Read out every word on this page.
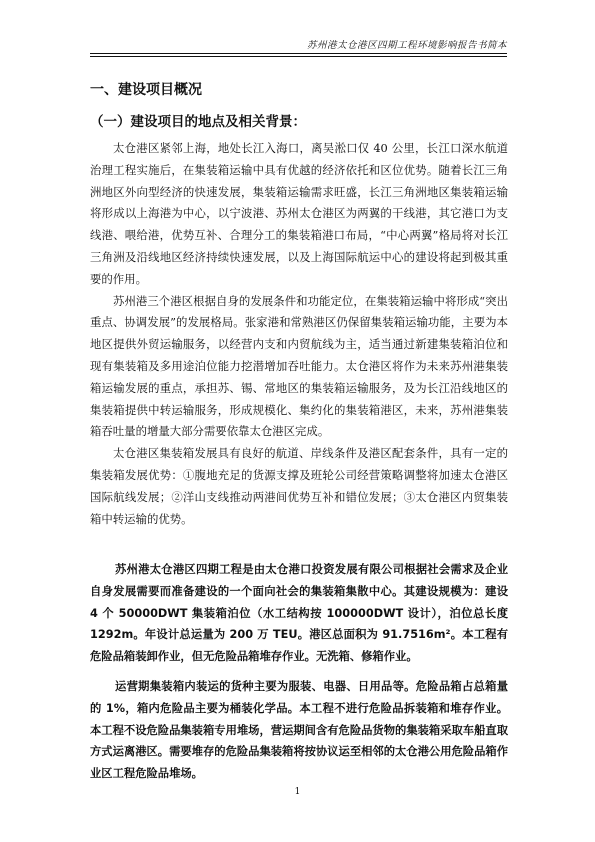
苏州港太仓港区四期工程环境影响报告书简本
一、建设项目概况
（一）建设项目的地点及相关背景：

太仓港区紧邻上海，地处长江入海口，离吴淞口仅 40 公里，长江口深水航道治理工程实施后，在集装箱运输中具有优越的经济依托和区位优势。随着长江三角洲地区外向型经济的快速发展，集装箱运输需求旺盛，长江三角洲地区集装箱运输将形成以上海港为中心，以宁波港、苏州太仓港区为两翼的干线港，其它港口为支线港、喂给港，优势互补、合理分工的集装箱港口布局，“中心两翼”格局将对长江三角洲及沿线地区经济持续快速发展，以及上海国际航运中心的建设将起到极其重要的作用。

苏州港三个港区根据自身的发展条件和功能定位，在集装箱运输中将形成“突出重点、协调发展”的发展格局。张家港和常熟港区仍保留集装箱运输功能，主要为本地区提供外贸运输服务，以经营内支和内贸航线为主，适当通过新建集装箱泊位和现有集装箱及多用途泊位能力挖潜增加吞吐能力。太仓港区将作为未来苏州港集装箱运输发展的重点，承担苏、锡、常地区的集装箱运输服务，及为长江沿线地区的集装箱提供中转运输服务，形成规模化、集约化的集装箱港区，未来，苏州港集装箱吞吐量的增量大部分需要依靠太仓港区完成。

太仓港区集装箱发展具有良好的航道、岸线条件及港区配套条件，具有一定的集装箱发展优势：①腹地充足的货源支撑及班轮公司经营策略调整将加速太仓港区国际航线发展；②洋山支线推动两港间优势互补和错位发展；③太仓港区内贸集装箱中转运输的优势。

苏州港太仓港区四期工程是由太仓港口投资发展有限公司根据社会需求及企业自身发展需要而准备建设的一个面向社会的集装箱集散中心。其建设规模为：建设 4 个 50000DWT 集装箱泊位（水工结构按 100000DWT 设计），泊位总长度 1292m。年设计总运量为 200 万 TEU。港区总面积为 91.7516m²。本工程有危险品箱装卸作业，但无危险品箱堆存作业。无洗箱、修箱作业。

运营期集装箱内装运的货种主要为服装、电器、日用品等。危险品箱占总箱量的 1%，箱内危险品主要为桶装化学品。本工程不进行危险品拆装箱和堆存作业。本工程不设危险品集装箱专用堆场，营运期间含有危险品货物的集装箱采取车船直取方式运离港区。需要堆存的危险品集装箱将按协议运至相邻的太仓港公用危险品箱作业区工程危险品堆场。

1
